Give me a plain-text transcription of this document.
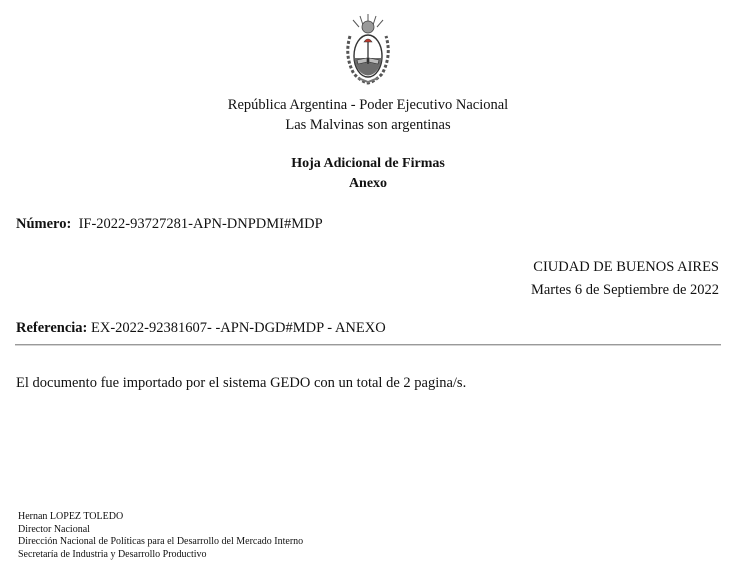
República Argentina - Poder Ejecutivo Nacional
Las Malvinas son argentinas
Hoja Adicional de Firmas
Anexo
Número: IF-2022-93727281-APN-DNPDMI#MDP
CIUDAD DE BUENOS AIRES
Martes 6 de Septiembre de 2022
Referencia: EX-2022-92381607- -APN-DGD#MDP - ANEXO
El documento fue importado por el sistema GEDO con un total de 2 pagina/s.
Hernan LOPEZ TOLEDO
Director Nacional
Dirección Nacional de Políticas para el Desarrollo del Mercado Interno
Secretaría de Industria y Desarrollo Productivo
